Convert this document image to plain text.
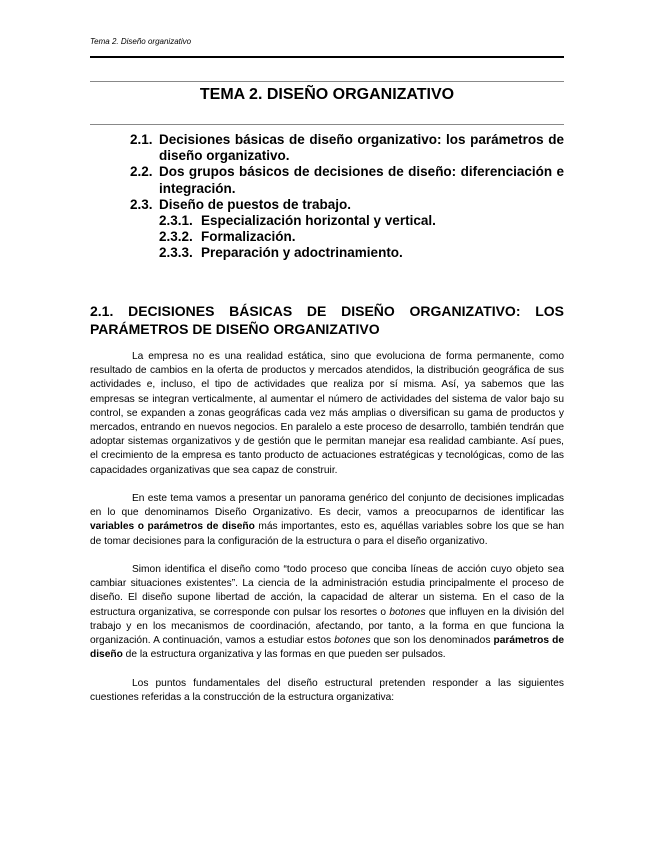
Tema 2. Diseño organizativo
TEMA 2. DISEÑO ORGANIZATIVO
2.1. Decisiones básicas de diseño organizativo: los parámetros de diseño organizativo.
2.2. Dos grupos básicos de decisiones de diseño: diferenciación e integración.
2.3. Diseño de puestos de trabajo.
2.3.1. Especialización horizontal y vertical.
2.3.2. Formalización.
2.3.3. Preparación y adoctrinamiento.
2.1. DECISIONES BÁSICAS DE DISEÑO ORGANIZATIVO: LOS PARÁMETROS DE DISEÑO ORGANIZATIVO

La empresa no es una realidad estática, sino que evoluciona de forma permanente, como resultado de cambios en la oferta de productos y mercados atendidos, la distribución geográfica de sus actividades e, incluso, el tipo de actividades que realiza por sí misma. Así, ya sabemos que las empresas se integran verticalmente, al aumentar el número de actividades del sistema de valor bajo su control, se expanden a zonas geográficas cada vez más amplias o diversifican su gama de productos y mercados, entrando en nuevos negocios. En paralelo a este proceso de desarrollo, también tendrán que adoptar sistemas organizativos y de gestión que le permitan manejar esa realidad cambiante. Así pues, el crecimiento de la empresa es tanto producto de actuaciones estratégicas y tecnológicas, como de las capacidades organizativas que sea capaz de construir.

En este tema vamos a presentar un panorama genérico del conjunto de decisiones implicadas en lo que denominamos Diseño Organizativo. Es decir, vamos a preocuparnos de identificar las variables o parámetros de diseño más importantes, esto es, aquéllas variables sobre los que se han de tomar decisiones para la configuración de la estructura o para el diseño organizativo.

Simon identifica el diseño como “todo proceso que conciba líneas de acción cuyo objeto sea cambiar situaciones existentes”. La ciencia de la administración estudia principalmente el proceso de diseño. El diseño supone libertad de acción, la capacidad de alterar un sistema. En el caso de la estructura organizativa, se corresponde con pulsar los resortes o botones que influyen en la división del trabajo y en los mecanismos de coordinación, afectando, por tanto, a la forma en que funciona la organización. A continuación, vamos a estudiar estos botones que son los denominados parámetros de diseño de la estructura organizativa y las formas en que pueden ser pulsados.

Los puntos fundamentales del diseño estructural pretenden responder a las siguientes cuestiones referidas a la construcción de la estructura organizativa:
